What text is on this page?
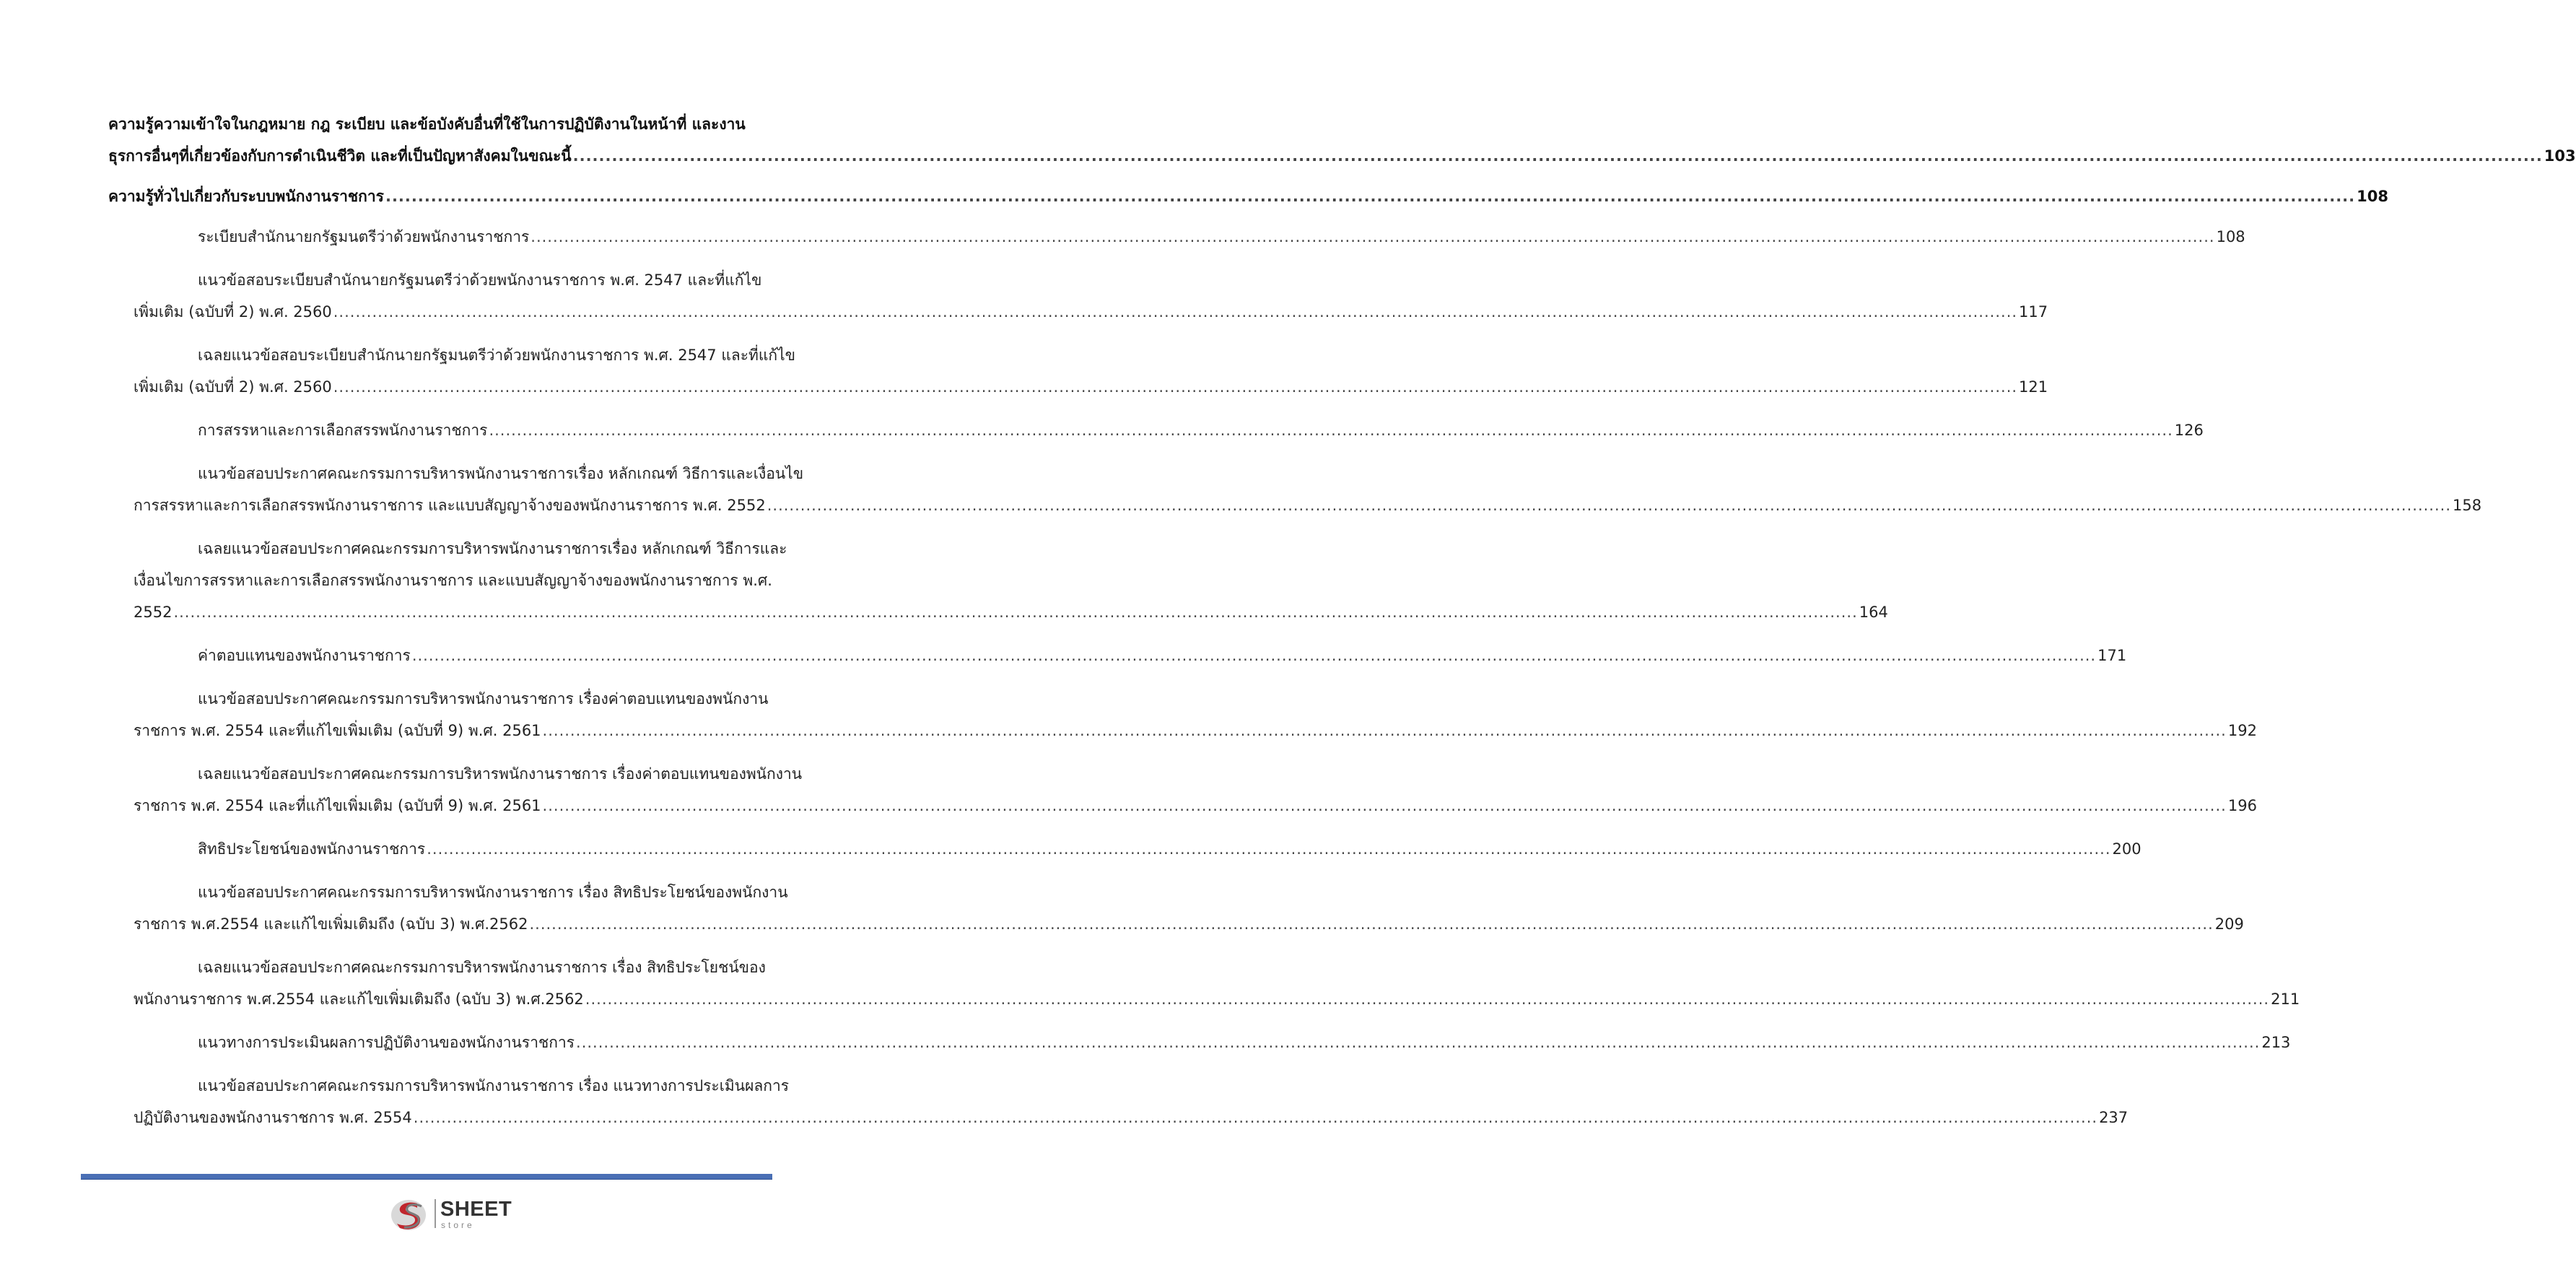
ความรู้ความเข้าใจในกฎหมาย กฎ ระเบียบ และข้อบังคับอื่นที่ใช้ในการปฏิบัติงานในหน้าที่ และงาน
ธุรการอื่นๆที่เกี่ยวข้องกับการดำเนินชีวิต และที่เป็นปัญหาสังคมในขณะนี้ .....	103
ความรู้ทั่วไปเกี่ยวกับระบบพนักงานราชการ .....	108
ระเบียบสำนักนายกรัฐมนตรีว่าด้วยพนักงานราชการ .....	108
แนวข้อสอบระเบียบสำนักนายกรัฐมนตรีว่าด้วยพนักงานราชการ พ.ศ. 2547 และที่แก้ไข
เพิ่มเติม (ฉบับที่ 2) พ.ศ. 2560 .....	117
เฉลยแนวข้อสอบระเบียบสำนักนายกรัฐมนตรีว่าด้วยพนักงานราชการ พ.ศ. 2547 และที่แก้ไข
เพิ่มเติม (ฉบับที่ 2) พ.ศ. 2560 .....	121
การสรรหาและการเลือกสรรพนักงานราชการ .....	126
แนวข้อสอบประกาศคณะกรรมการบริหารพนักงานราชการเรื่อง หลักเกณฑ์ วิธีการและเงื่อนไข
การสรรหาและการเลือกสรรพนักงานราชการ และแบบสัญญาจ้างของพนักงานราชการ พ.ศ. 2552 .....	158
เฉลยแนวข้อสอบประกาศคณะกรรมการบริหารพนักงานราชการเรื่อง หลักเกณฑ์ วิธีการและ
เงื่อนไขการสรรหาและการเลือกสรรพนักงานราชการ และแบบสัญญาจ้างของพนักงานราชการ พ.ศ.
2552 .....	164
ค่าตอบแทนของพนักงานราชการ .....	171
แนวข้อสอบประกาศคณะกรรมการบริหารพนักงานราชการ เรื่องค่าตอบแทนของพนักงาน
ราชการ พ.ศ. 2554 และที่แก้ไขเพิ่มเติม (ฉบับที่ 9) พ.ศ. 2561 .....	192
เฉลยแนวข้อสอบประกาศคณะกรรมการบริหารพนักงานราชการ เรื่องค่าตอบแทนของพนักงาน
ราชการ พ.ศ. 2554 และที่แก้ไขเพิ่มเติม (ฉบับที่ 9) พ.ศ. 2561 .....	196
สิทธิประโยชน์ของพนักงานราชการ .....	200
แนวข้อสอบประกาศคณะกรรมการบริหารพนักงานราชการ เรื่อง สิทธิประโยชน์ของพนักงาน
ราชการ พ.ศ.2554 และแก้ไขเพิ่มเติมถึง (ฉบับ 3) พ.ศ.2562 .....	209
เฉลยแนวข้อสอบประกาศคณะกรรมการบริหารพนักงานราชการ เรื่อง สิทธิประโยชน์ของ
พนักงานราชการ พ.ศ.2554 และแก้ไขเพิ่มเติมถึง (ฉบับ 3) พ.ศ.2562 .....	211
แนวทางการประเมินผลการปฏิบัติงานของพนักงานราชการ .....	213
แนวข้อสอบประกาศคณะกรรมการบริหารพนักงานราชการ เรื่อง แนวทางการประเมินผลการ
ปฏิบัติงานของพนักงานราชการ พ.ศ. 2554 .....	237
SHEET
store
